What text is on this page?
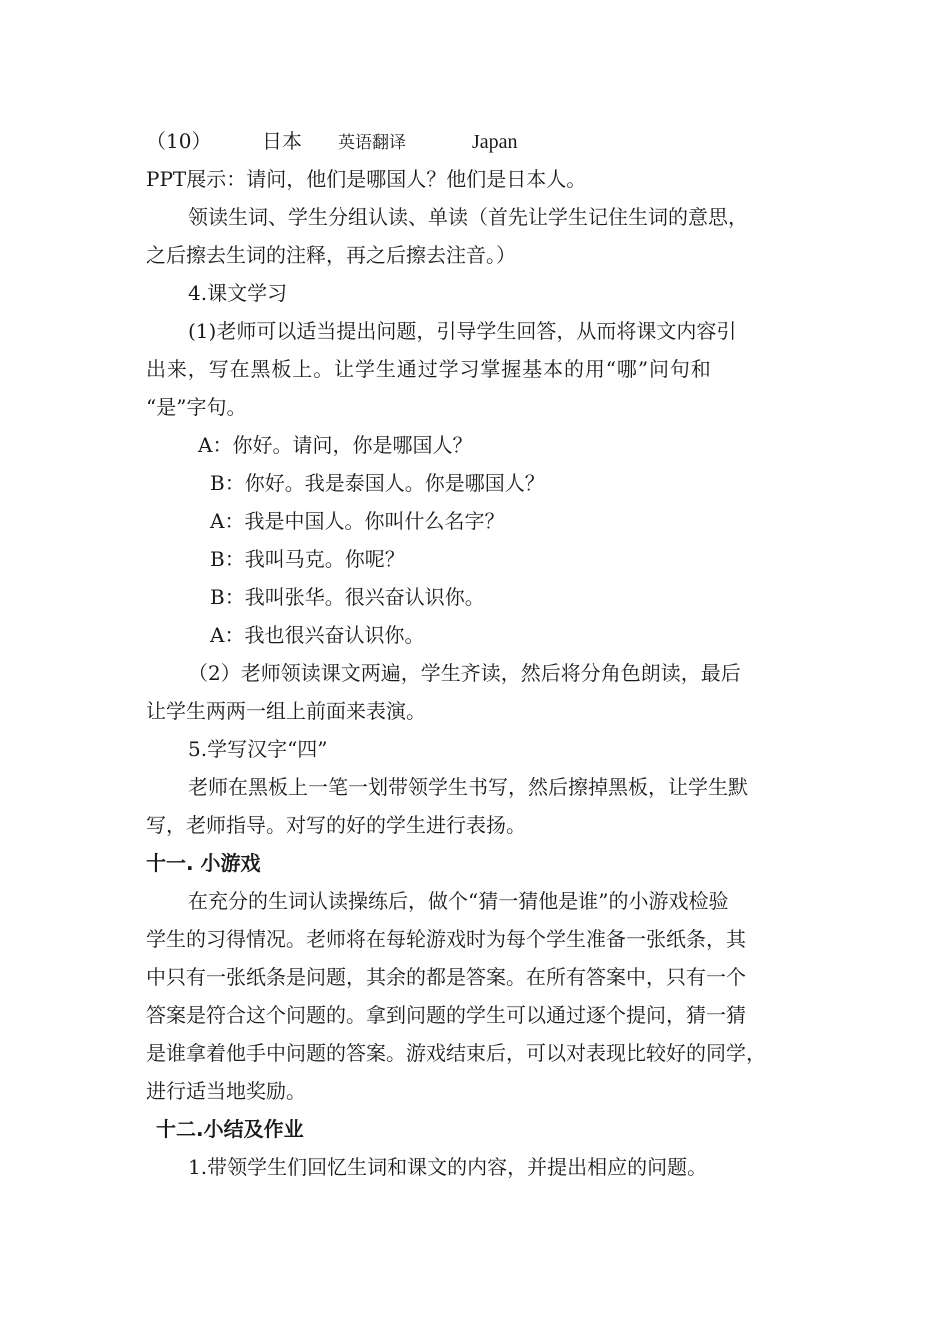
（10）	日本 英语翻译	Japan
PPT展示：请问，他们是哪国人？他们是日本人。
领读生词、学生分组认读、单读（首先让学生记住生词的意思，
之后擦去生词的注释，再之后擦去注音。）
4.课文学习
(1)老师可以适当提出问题，引导学生回答，从而将课文内容引
出来，写在黑板上。让学生通过学习掌握基本的用“哪”问句和
“是”字句。
A：你好。请问，你是哪国人？
B：你好。我是泰国人。你是哪国人？
A：我是中国人。你叫什么名字？
B：我叫马克。你呢？
B：我叫张华。很兴奋认识你。
A：我也很兴奋认识你。
（2）老师领读课文两遍，学生齐读，然后将分角色朗读，最后
让学生两两一组上前面来表演。
5.学写汉字“四”
老师在黑板上一笔一划带领学生书写，然后擦掉黑板，让学生默
写，老师指导。对写的好的学生进行表扬。
十一. 小游戏
在充分的生词认读操练后，做个“猜一猜他是谁”的小游戏检验
学生的习得情况。老师将在每轮游戏时为每个学生准备一张纸条，其
中只有一张纸条是问题，其余的都是答案。在所有答案中，只有一个
答案是符合这个问题的。拿到问题的学生可以通过逐个提问，猜一猜
是谁拿着他手中问题的答案。游戏结束后，可以对表现比较好的同学，
进行适当地奖励。
十二.小结及作业
1.带领学生们回忆生词和课文的内容，并提出相应的问题。
